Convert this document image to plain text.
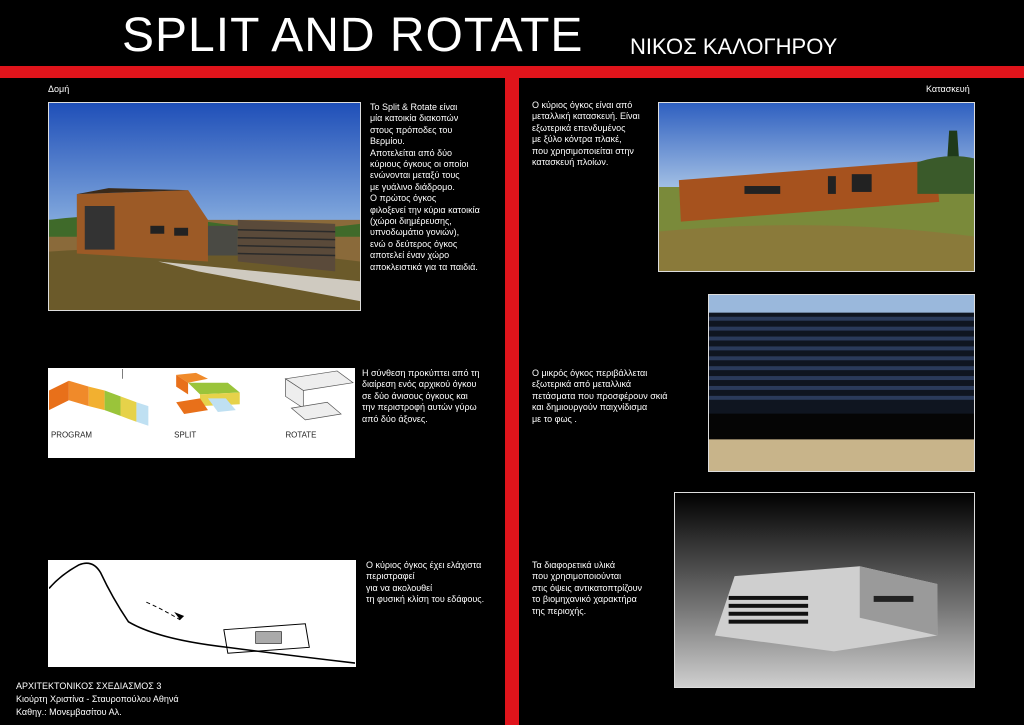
SPLIT AND ROTATE ΝΙΚΟΣ ΚΑΛΟΓΗΡΟΥ
Δομή	Κατασκευή
Το Split & Rotate είναι
μία κατοικία διακοπών
στους πρόποδες του
Βερμίου.
Αποτελείται από δύο
κύριους όγκους οι οποίοι
ενώνονται μεταξύ τους
με γυάλινο διάδρομο.
Ο πρώτος όγκος
φιλοξενεί την κύρια κατοικία
(χώροι διημέρευσης,
υπνοδωμάτιο γονιών),
ενώ ο δεύτερος όγκος
αποτελεί έναν χώρο
αποκλειστικά για τα παιδιά.
PROGRAM	SPLIT	ROTATE
Η σύνθεση προκύπτει από τη
διαίρεση ενός αρχικού όγκου
σε δύο άνισους όγκους και
την περιστροφή αυτών γύρω
από δύο άξονες.
Ο κύριος όγκος έχει ελάχιστα
περιστραφεί
για να ακολουθεί
τη φυσική κλίση του εδάφους.
Ο κύριος όγκος είναι από
μεταλλική κατασκευή. Είναι
εξωτερικά επενδυμένος
με ξύλο κόντρα πλακέ,
που χρησιμοποιείται στην
κατασκευή πλοίων.
Ο μικρός όγκος περιβάλλεται
εξωτερικά από μεταλλικά
πετάσματα που προσφέρουν σκιά
και δημιουργούν παιχνίδισμα
με το φως .
Τα διαφορετικά υλικά
που χρησιμοποιούνται
στις όψεις αντικατοπτρίζουν
το βιομηχανικό χαρακτήρα
της περιοχής.
ΑΡΧΙΤΕΚΤΟΝΙΚΟΣ ΣΧΕΔΙΑΣΜΟΣ 3
Κιούρτη Χριστίνα - Σταυροπούλου Αθηνά
Καθηγ.: Μονεμβασίτου Αλ.
